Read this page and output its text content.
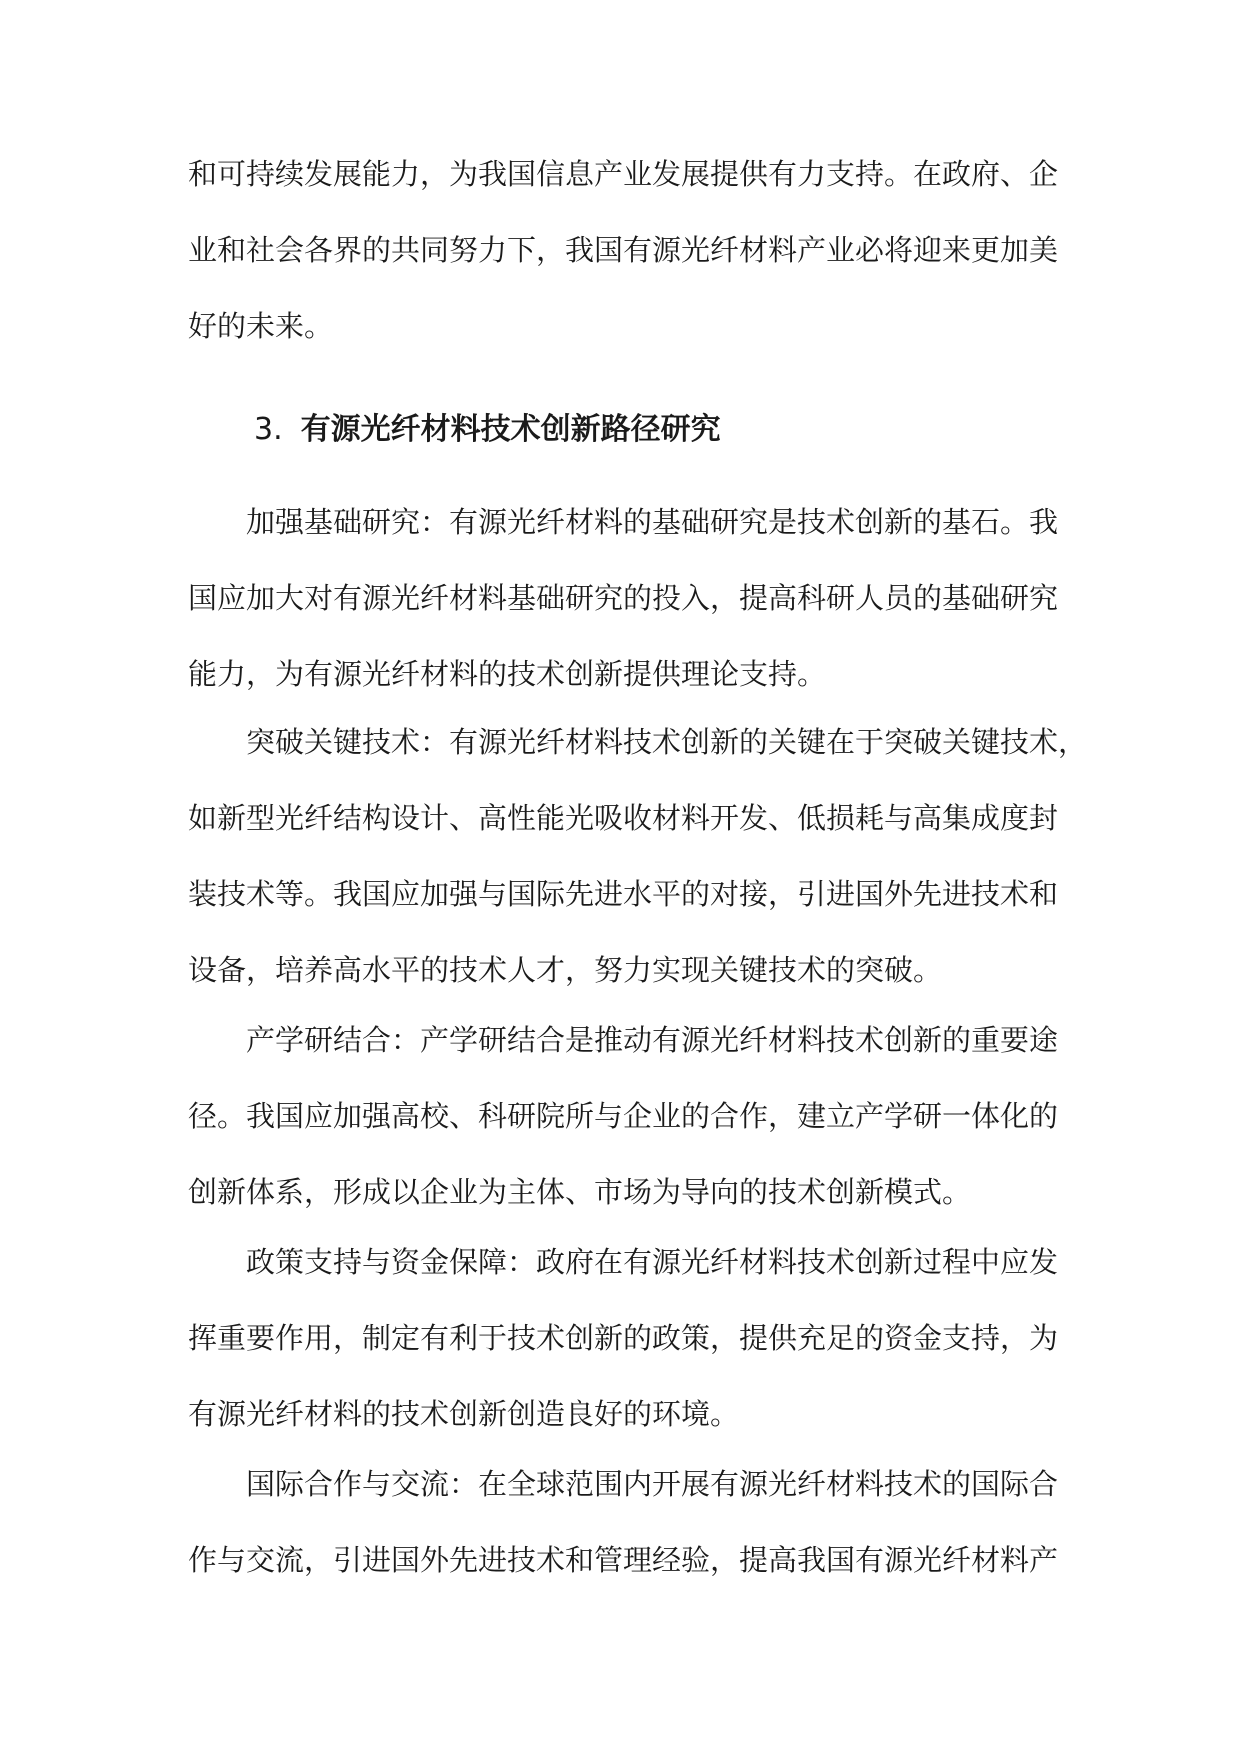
和可持续发展能力，为我国信息产业发展提供有力支持。在政府、企
业和社会各界的共同努力下，我国有源光纤材料产业必将迎来更加美
好的未来。
3. 有源光纤材料技术创新路径研究
加强基础研究：有源光纤材料的基础研究是技术创新的基石。我
国应加大对有源光纤材料基础研究的投入，提高科研人员的基础研究
能力，为有源光纤材料的技术创新提供理论支持。
突破关键技术：有源光纤材料技术创新的关键在于突破关键技术，
如新型光纤结构设计、高性能光吸收材料开发、低损耗与高集成度封
装技术等。我国应加强与国际先进水平的对接，引进国外先进技术和
设备，培养高水平的技术人才，努力实现关键技术的突破。
产学研结合：产学研结合是推动有源光纤材料技术创新的重要途
径。我国应加强高校、科研院所与企业的合作，建立产学研一体化的
创新体系，形成以企业为主体、市场为导向的技术创新模式。
政策支持与资金保障：政府在有源光纤材料技术创新过程中应发
挥重要作用，制定有利于技术创新的政策，提供充足的资金支持，为
有源光纤材料的技术创新创造良好的环境。
国际合作与交流：在全球范围内开展有源光纤材料技术的国际合
作与交流，引进国外先进技术和管理经验，提高我国有源光纤材料产
